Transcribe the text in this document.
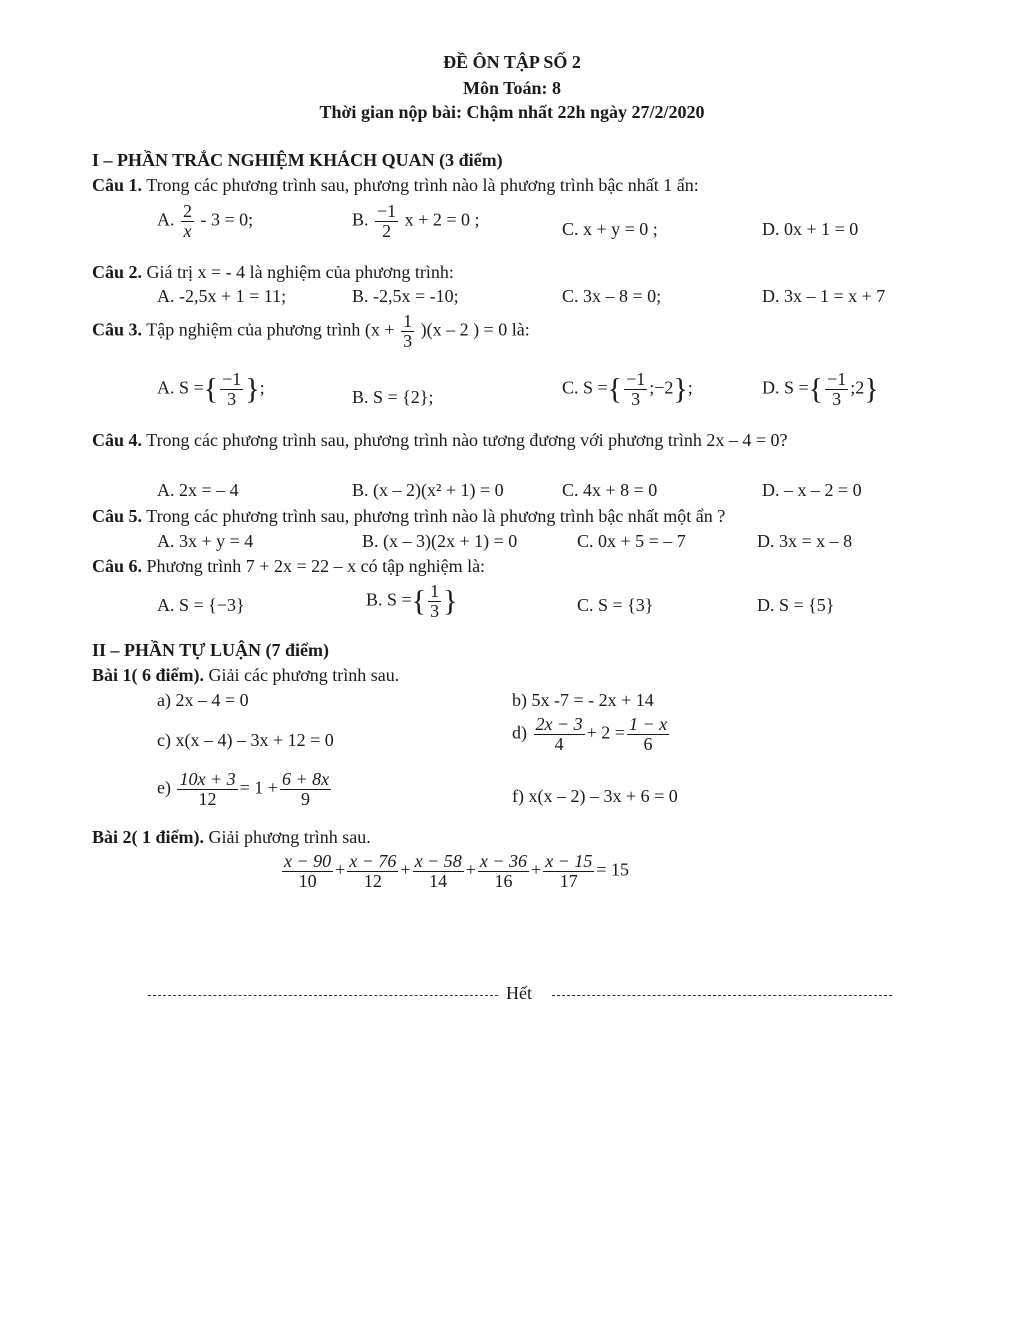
ĐỀ ÔN TẬP SỐ 2
Môn Toán: 8
Thời gian nộp bài: Chậm nhất 22h ngày 27/2/2020
I – PHẦN TRẮC NGHIỆM KHÁCH QUAN (3 điểm)
Câu 1. Trong các phương trình sau, phương trình nào là phương trình bậc nhất 1 ẩn:
A. $\frac{2}{x} - 3 = 0$;	B. $\frac{-1}{2}$ x + 2 = 0 ;	C. x + y = 0 ;	D. 0x + 1 = 0
Câu 2. Giá trị x = - 4 là nghiệm của phương trình:
A. -2,5x + 1 = 11;	B. -2,5x = -10;	C. 3x – 8 = 0;	D. 3x – 1 = x + 7
Câu 3. Tập nghiệm của phương trình $(x + \frac{1}{3} )(x - 2$ ) = 0 là:
A. S ={ $\frac{-1}{3}$ };	B. S = {2};	C. S ={ $\frac{-1}{3}$ ;−2};	D. S ={ $\frac{-1}{3}$ ;2}
Câu 4. Trong các phương trình sau, phương trình nào tương đương với phương trình 2x – 4 = 0?
A. 2x = – 4	B. (x – 2)(x² + 1) = 0	C. 4x + 8 = 0	D. – x – 2 = 0
Câu 5. Trong các phương trình sau, phương trình nào là phương trình bậc nhất một ẩn ?
A. 3x + y = 4	B. (x – 3)(2x + 1) = 0	C. 0x + 5 = – 7	D. 3x = x – 8
Câu 6. Phương trình 7 + 2x = 22 – x có tập nghiệm là:
A. S = {−3}	B. S ={ $\frac{1}{3}$ }	C. S = {3}	D. S = {5}
II – PHẦN TỰ LUẬN (7 điểm)
Bài 1( 6 điểm). Giải các phương trình sau.
a) 2x – 4 = 0	b) 5x -7 = - 2x + 14
c) x(x – 4) – 3x + 12 = 0	$d) \frac{2x - 3}{4} + 2 = \frac{1 - x}{6}$
$e) \frac{10x + 3}{12} = 1 + \frac{6 + 8x}{9}$	f) x(x – 2) – 3x + 6 = 0
Bài 2( 1 điểm). Giải phương trình sau.
$\frac{x - 90}{10} + \frac{x - 76}{12} + \frac{x - 58}{14} + \frac{x - 36}{16} + \frac{x - 15}{17} = 15$
Hết
